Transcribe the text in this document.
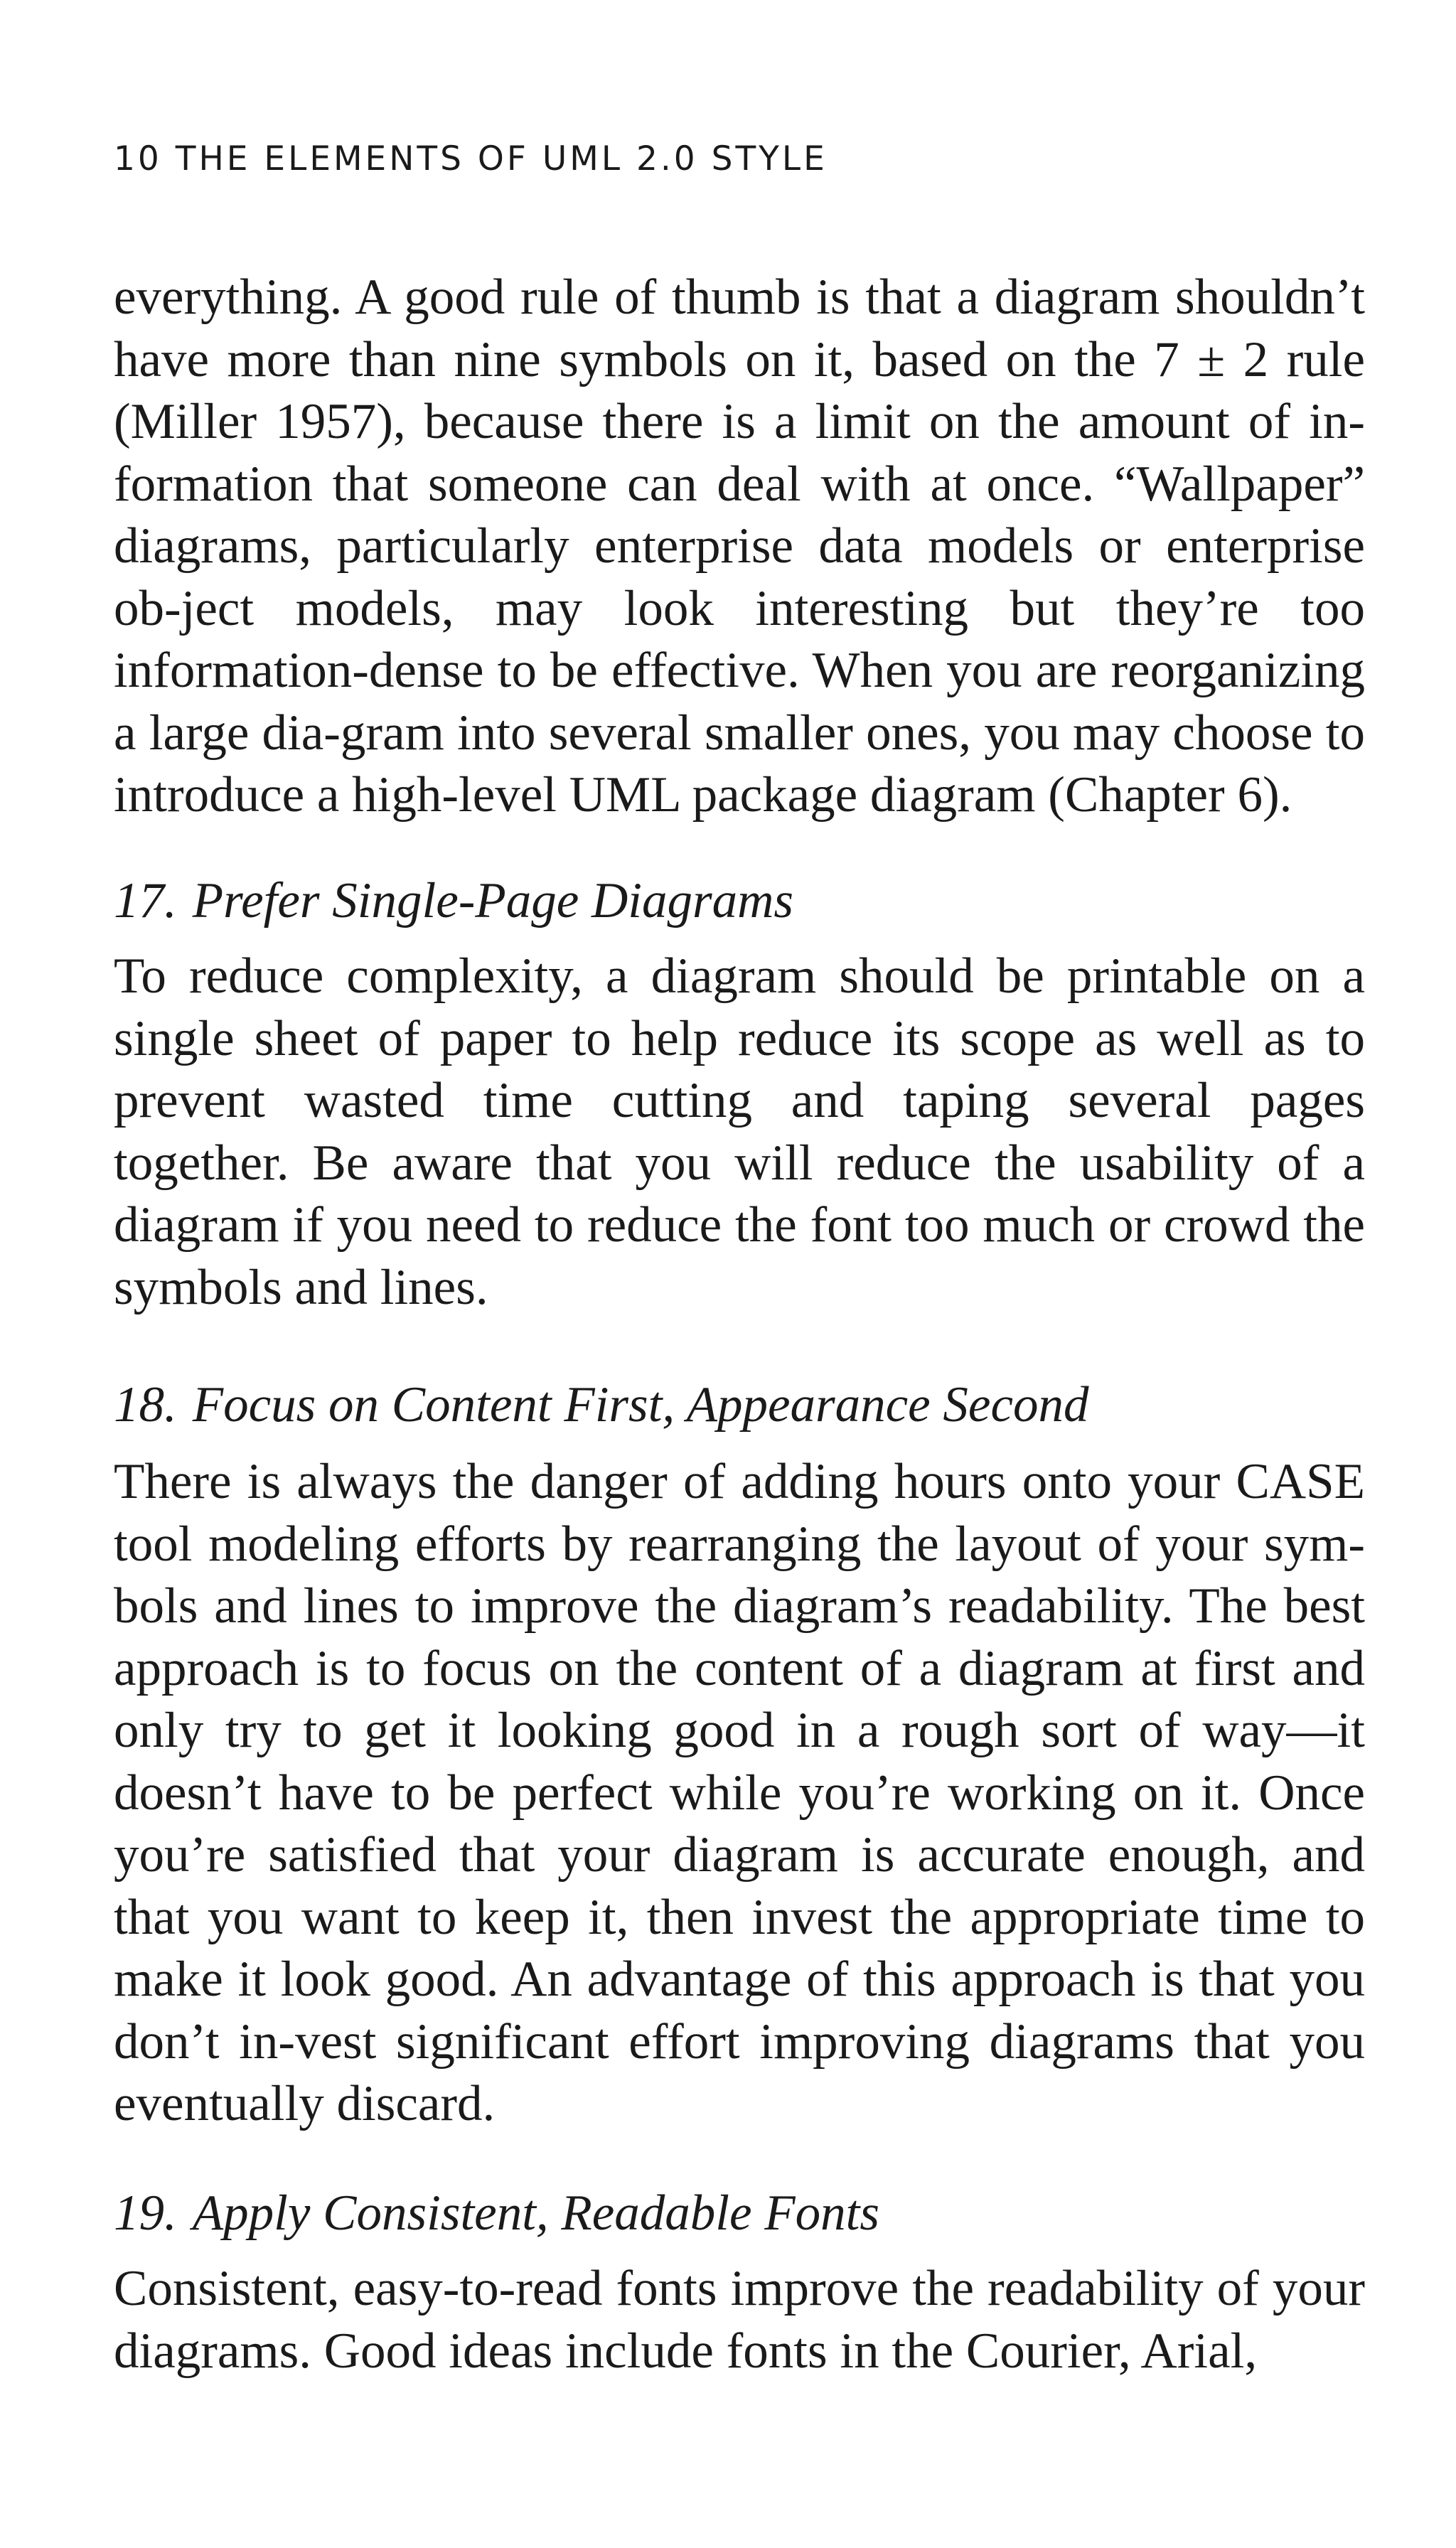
10 THE ELEMENTS OF UML 2.0 STYLE

everything. A good rule of thumb is that a diagram shouldn’t have more than nine symbols on it, based on the 7 ± 2 rule (Miller 1957), because there is a limit on the amount of in-formation that someone can deal with at once. “Wallpaper” diagrams, particularly enterprise data models or enterprise ob-ject models, may look interesting but they’re too information-dense to be effective. When you are reorganizing a large dia-gram into several smaller ones, you may choose to introduce a high-level UML package diagram (Chapter 6).

17. Prefer Single-Page Diagrams

To reduce complexity, a diagram should be printable on a single sheet of paper to help reduce its scope as well as to prevent wasted time cutting and taping several pages together. Be aware that you will reduce the usability of a diagram if you need to reduce the font too much or crowd the symbols and lines.

18. Focus on Content First, Appearance Second

There is always the danger of adding hours onto your CASE tool modeling efforts by rearranging the layout of your sym-bols and lines to improve the diagram’s readability. The best approach is to focus on the content of a diagram at first and only try to get it looking good in a rough sort of way—it doesn’t have to be perfect while you’re working on it. Once you’re satisfied that your diagram is accurate enough, and that you want to keep it, then invest the appropriate time to make it look good. An advantage of this approach is that you don’t in-vest significant effort improving diagrams that you eventually discard.

19. Apply Consistent, Readable Fonts

Consistent, easy-to-read fonts improve the readability of your diagrams. Good ideas include fonts in the Courier, Arial,
